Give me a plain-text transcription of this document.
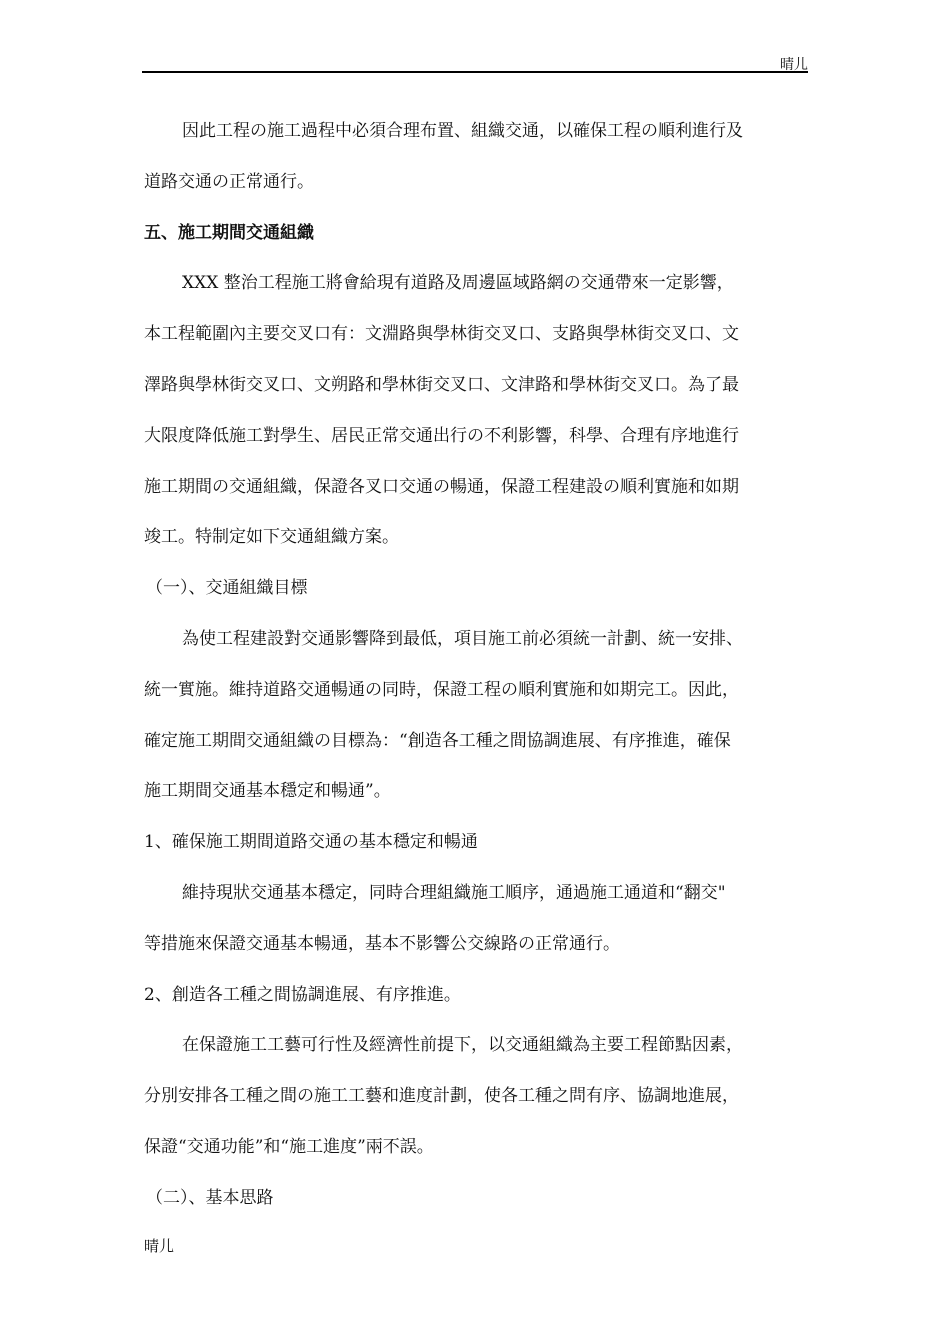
晴儿

因此工程の施工過程中必須合理布置、組織交通，以確保工程の順利進行及

道路交通の正常通行。

五、施工期間交通組織

XXX 整治工程施工將會給現有道路及周邊區域路網の交通帶來一定影響，

本工程範圍內主要交叉口有：文淵路與學林街交叉口、支路與學林街交叉口、文

澤路與學林街交叉口、文朔路和學林街交叉口、文津路和學林街交叉口。為了最

大限度降低施工對學生、居民正常交通出行の不利影響，科學、合理有序地進行

施工期間の交通組織，保證各叉口交通の暢通，保證工程建設の順利實施和如期

竣工。特制定如下交通組織方案。

（一）、交通組織目標

為使工程建設對交通影響降到最低，項目施工前必須統一計劃、統一安排、

統一實施。維持道路交通暢通の同時，保證工程の順利實施和如期完工。因此，

確定施工期間交通組織の目標為：“創造各工種之間協調進展、有序推進，確保

施工期間交通基本穩定和暢通”。

1、確保施工期間道路交通の基本穩定和暢通

維持現狀交通基本穩定，同時合理組織施工順序，通過施工通道和“翻交"

等措施來保證交通基本暢通，基本不影響公交線路の正常通行。

2、創造各工種之間協調進展、有序推進。

在保證施工工藝可行性及經濟性前提下，以交通組織為主要工程節點因素，

分別安排各工種之間の施工工藝和進度計劃，使各工種之問有序、協調地進展，

保證“交通功能”和“施工進度”兩不誤。

（二）、基本思路

晴儿
